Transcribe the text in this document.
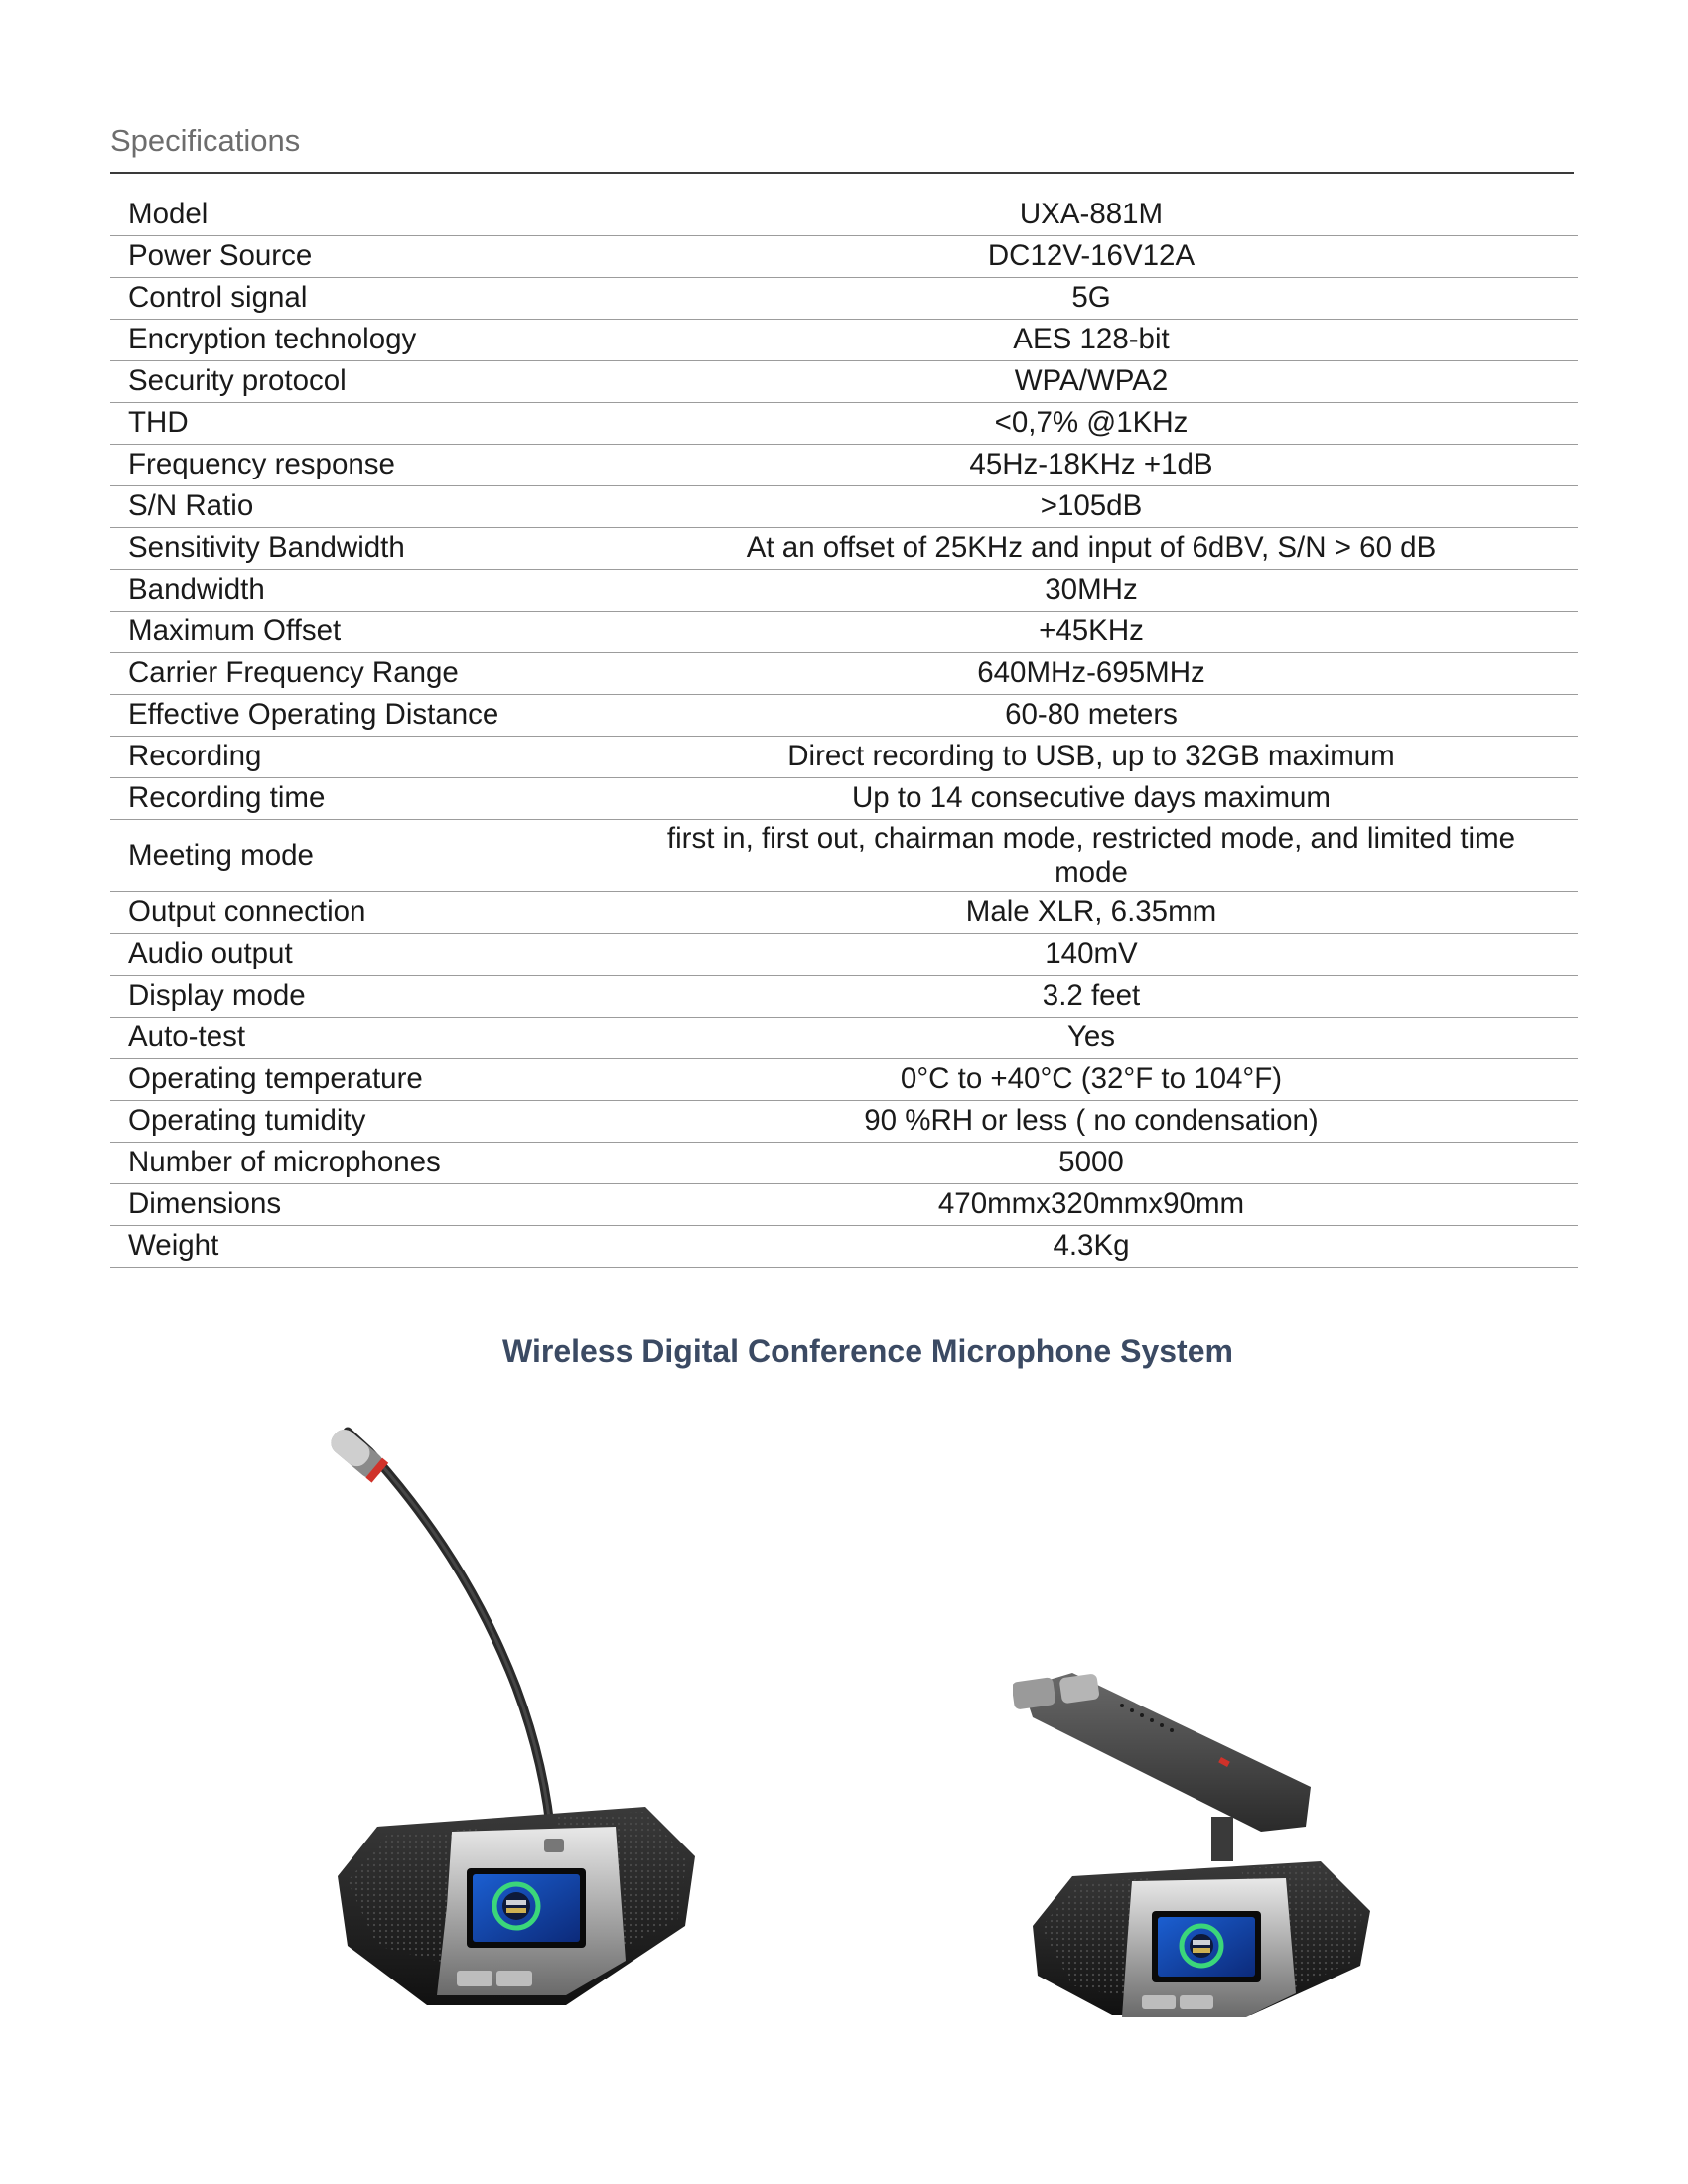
Specifications
Model	UXA-881M
Power Source	DC12V-16V12A
Control signal	5G
Encryption technology	AES 128-bit
Security protocol	WPA/WPA2
THD	<0,7% @1KHz
Frequency response	45Hz-18KHz +1dB
S/N Ratio	>105dB
Sensitivity Bandwidth	At an offset of 25KHz and input of 6dBV, S/N > 60 dB
Bandwidth	30MHz
Maximum Offset	+45KHz
Carrier Frequency Range	640MHz-695MHz
Effective Operating Distance	60-80 meters
Recording	Direct recording to USB, up to 32GB maximum
Recording time	Up to 14 consecutive days maximum
Meeting mode	first in, first out, chairman mode, restricted mode, and limited time mode
Output connection	Male XLR, 6.35mm
Audio output	140mV
Display mode	3.2 feet
Auto-test	Yes
Operating temperature	0°C to +40°C (32°F to 104°F)
Operating tumidity	90 %RH or less ( no condensation)
Number of microphones	5000
Dimensions	470mmx320mmx90mm
Weight	4.3Kg
Wireless Digital Conference Microphone System
